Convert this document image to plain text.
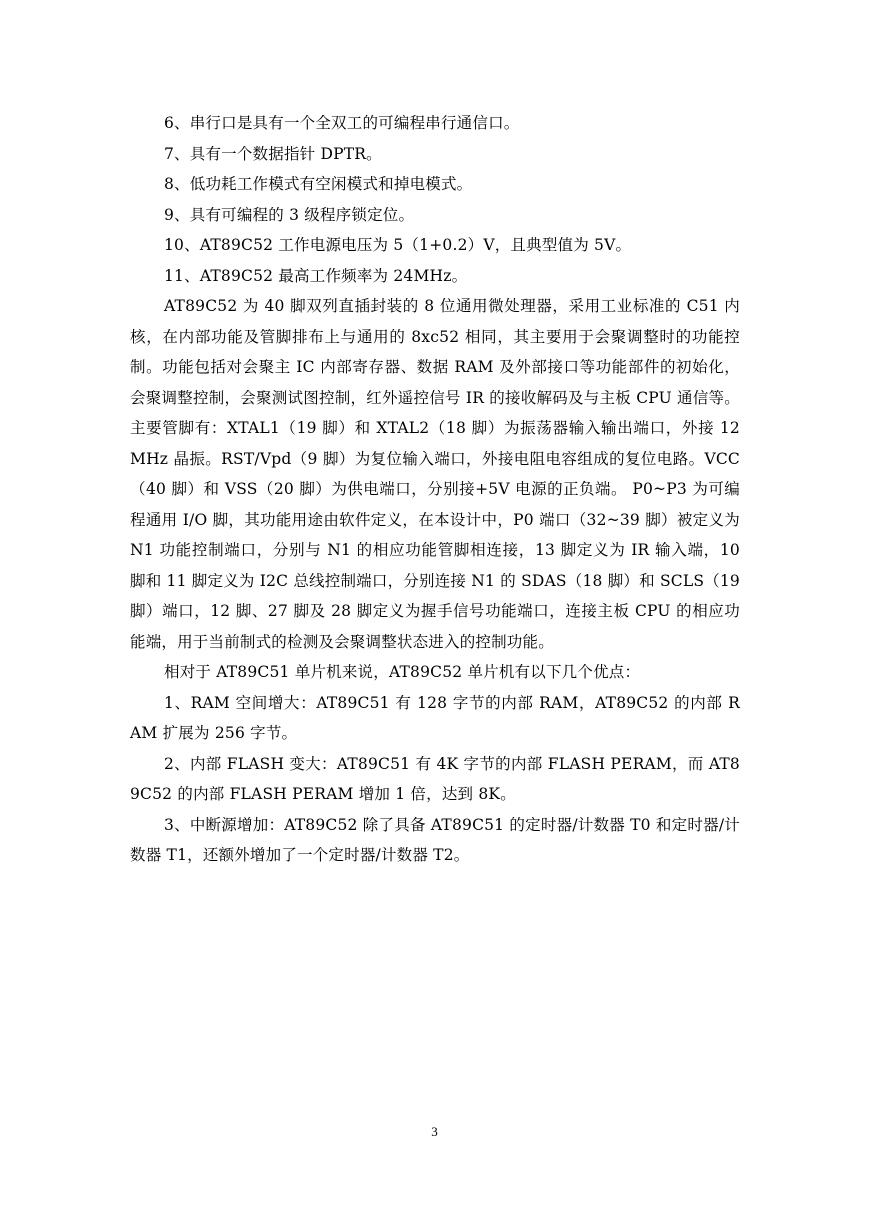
6、串行口是具有一个全双工的可编程串行通信口。

7、具有一个数据指针 DPTR。

8、低功耗工作模式有空闲模式和掉电模式。

9、具有可编程的 3 级程序锁定位。

10、AT89C52 工作电源电压为 5（1+0.2）V，且典型值为 5V。

11、AT89C52 最高工作频率为 24MHz。

AT89C52 为 40 脚双列直插封装的 8 位通用微处理器，采用工业标准的 C51 内核，在内部功能及管脚排布上与通用的 8xc52 相同，其主要用于会聚调整时的功能控制。功能包括对会聚主 IC 内部寄存器、数据 RAM 及外部接口等功能部件的初始化，会聚调整控制，会聚测试图控制，红外遥控信号 IR 的接收解码及与主板 CPU 通信等。主要管脚有：XTAL1（19 脚）和 XTAL2（18 脚）为振荡器输入输出端口，外接 12MHz 晶振。RST/Vpd（9 脚）为复位输入端口，外接电阻电容组成的复位电路。VCC（40 脚）和 VSS（20 脚）为供电端口，分别接+5V 电源的正负端。 P0~P3 为可编程通用 I/O 脚，其功能用途由软件定义，在本设计中，P0 端口（32~39 脚）被定义为 N1 功能控制端口，分别与 N1 的相应功能管脚相连接，13 脚定义为 IR 输入端，10 脚和 11 脚定义为 I2C 总线控制端口，分别连接 N1 的 SDAS（18 脚）和 SCLS（19 脚）端口，12 脚、27 脚及 28 脚定义为握手信号功能端口，连接主板 CPU 的相应功能端，用于当前制式的检测及会聚调整状态进入的控制功能。

相对于 AT89C51 单片机来说，AT89C52 单片机有以下几个优点：

1、RAM 空间增大：AT89C51 有 128 字节的内部 RAM，AT89C52 的内部 RAM 扩展为 256 字节。

2、内部 FLASH 变大：AT89C51 有 4K 字节的内部 FLASH PERAM，而 AT89C52 的内部 FLASH PERAM 增加 1 倍，达到 8K。

3、中断源增加：AT89C52 除了具备 AT89C51 的定时器/计数器 T0 和定时器/计数器 T1，还额外增加了一个定时器/计数器 T2。

3
